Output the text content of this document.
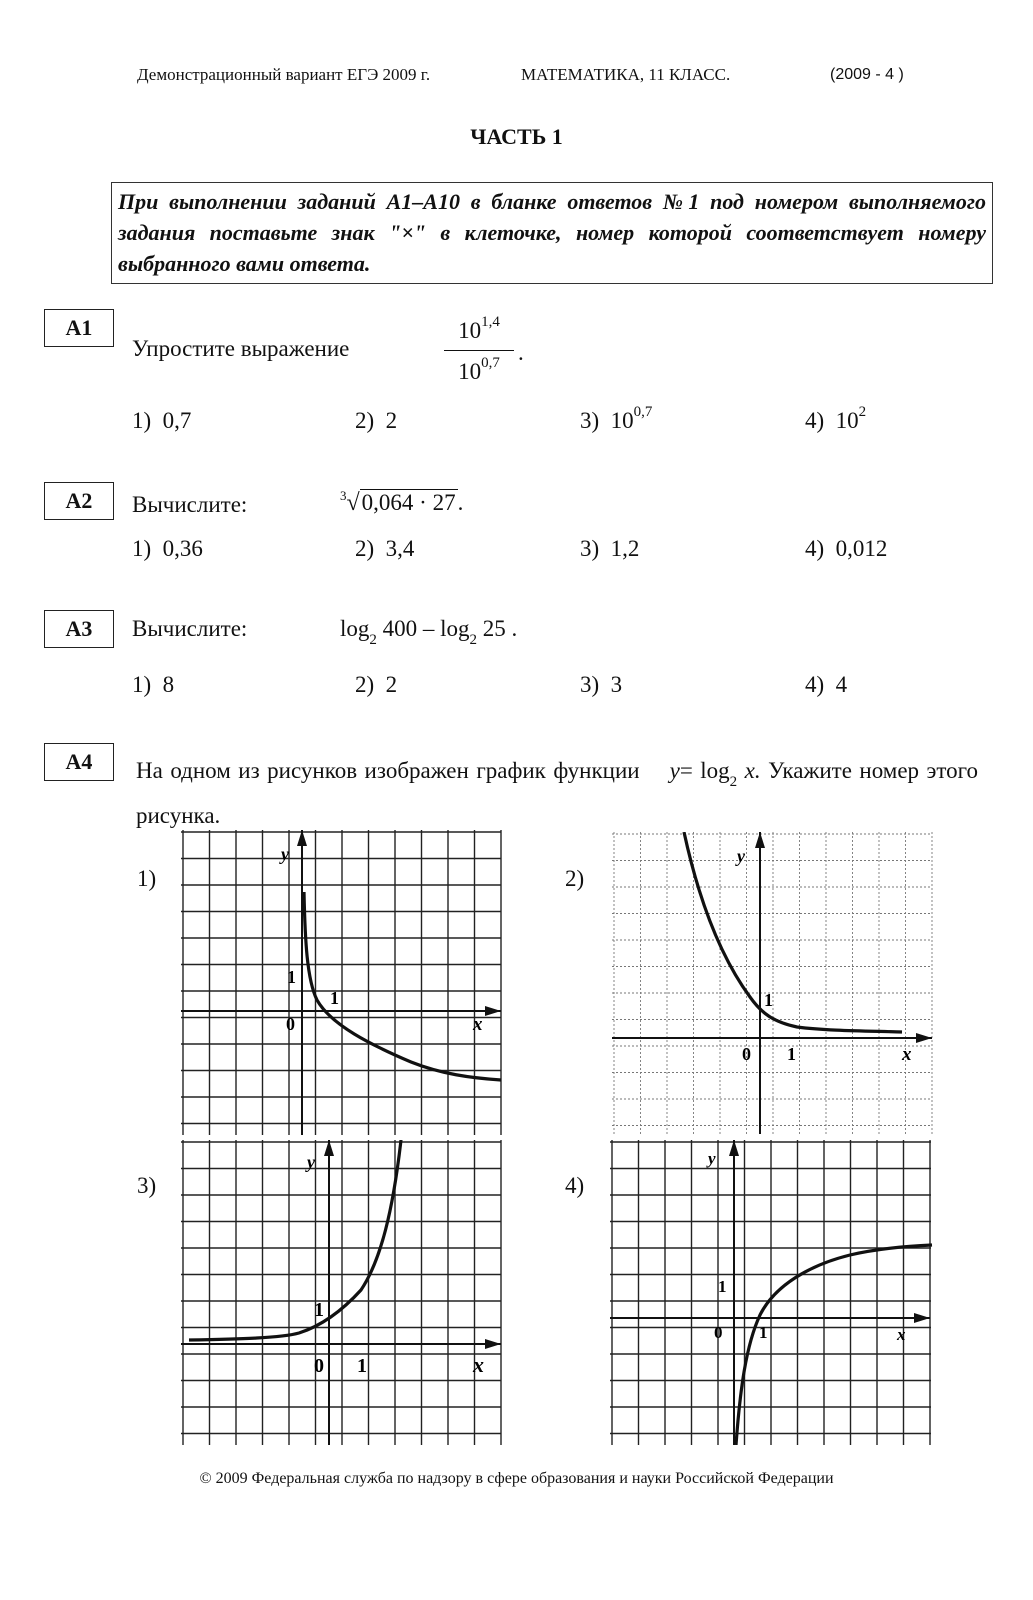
Демонстрационный вариант ЕГЭ 2009 г.	МАТЕМАТИКА, 11 КЛАСС.	(2009 - 4 )
ЧАСТЬ 1
При выполнении заданий А1–А10 в бланке ответов №1 под номером выполняемого задания поставьте знак "×" в клеточке, номер которой соответствует номеру выбранного вами ответа.
A1
Упростите выражение	$\frac{10^{1,4}}{10^{0,7}}$ .
1) 0,7	2) 2	3) 10$^{0,7}$	4) $10^2$
A2	Вычислите:	$^3$√0,064 · 27.
1) 0,36	2) 3,4	3) 1,2	4) 0,012
A3	Вычислите:	$\log_2 400 - \log_2 25$ .
1) 8	2) 2	3) 3	4) 4
A4	На одном из рисунков изображен график функции $y= \log_2 x$. Укажите номер этого рисунка.
1)	2)
3)	4)
y
x
0
1
1
y
x
0 1
1
y
x
0 1
1
y
x
0 1
1
© 2009 Федеральная служба по надзору в сфере образования и науки Российской Федерации
